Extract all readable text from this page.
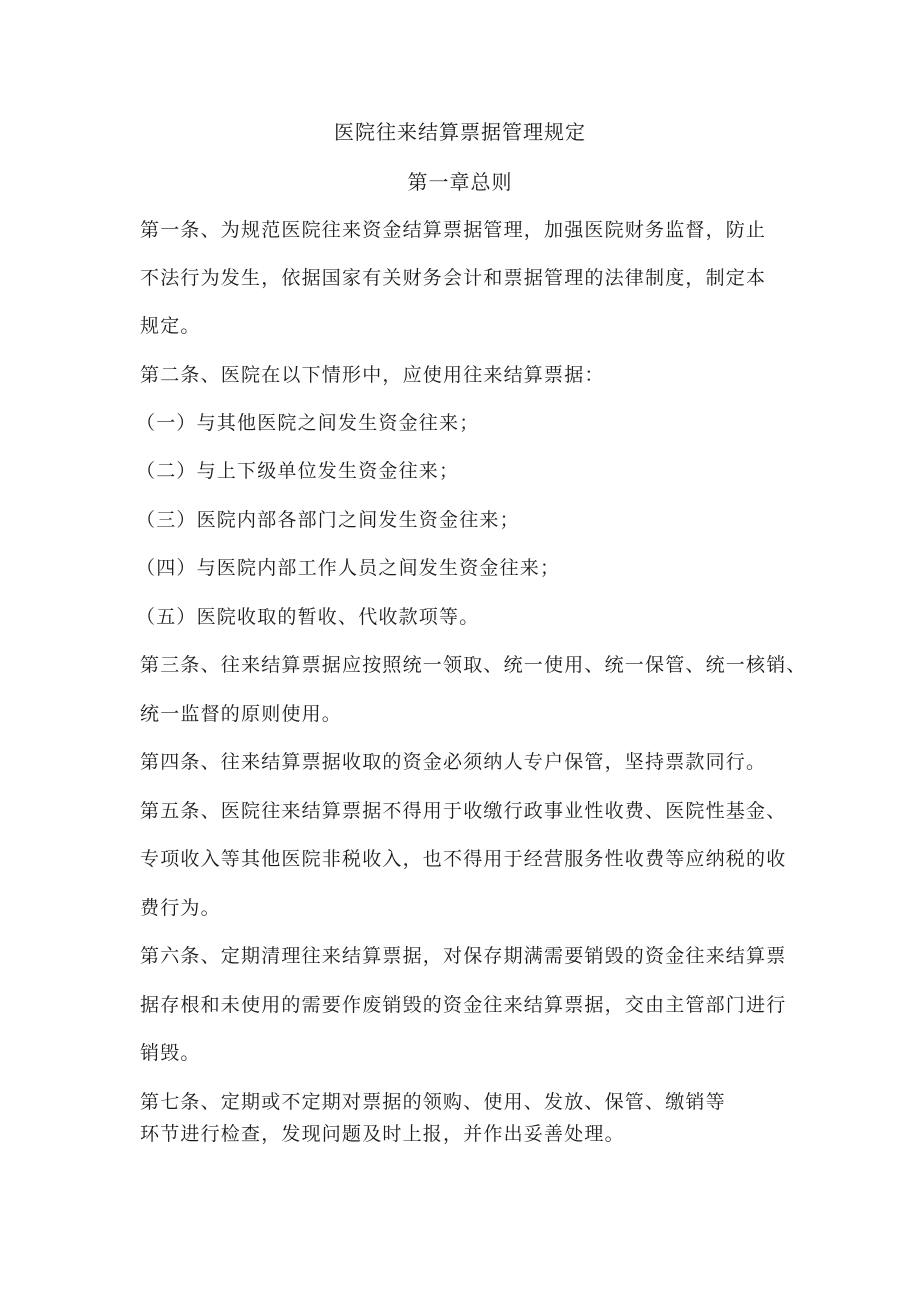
医院往来结算票据管理规定
第一章总则
第一条、为规范医院往来资金结算票据管理，加强医院财务监督，防止
不法行为发生，依据国家有关财务会计和票据管理的法律制度，制定本
规定。
第二条、医院在以下情形中，应使用往来结算票据：
（一）与其他医院之间发生资金往来；
（二）与上下级单位发生资金往来；
（三）医院内部各部门之间发生资金往来；
（四）与医院内部工作人员之间发生资金往来；
（五）医院收取的暂收、代收款项等。
第三条、往来结算票据应按照统一领取、统一使用、统一保管、统一核销、
统一监督的原则使用。
第四条、往来结算票据收取的资金必须纳人专户保管，坚持票款同行。
第五条、医院往来结算票据不得用于收缴行政事业性收费、医院性基金、
专项收入等其他医院非税收入，也不得用于经营服务性收费等应纳税的收
费行为。
第六条、定期清理往来结算票据，对保存期满需要销毁的资金往来结算票
据存根和未使用的需要作废销毁的资金往来结算票据，交由主管部门进行
销毁。
第七条、定期或不定期对票据的领购、使用、发放、保管、缴销等
环节进行检查，发现问题及时上报，并作出妥善处理。
